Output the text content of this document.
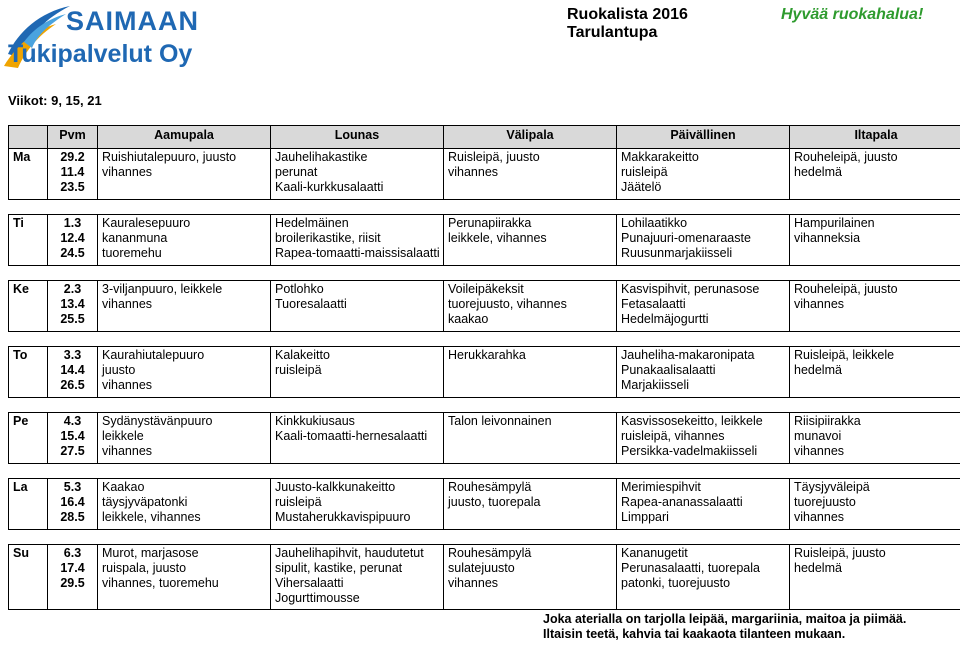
SAIMAAN
Tukipalvelut Oy
Ruokalista 2016
Tarulantupa
Hyvää ruokahalua!
Viikot: 9, 15, 21
	Pvm	Aamupala	Lounas	Välipala	Päivällinen	Iltapala
Ma	29.2
11.4
23.5	Ruishiutalepuuro, juusto
vihannes	Jauhelihakastike
perunat
Kaali-kurkkusalaatti	Ruisleipä, juusto
vihannes	Makkarakeitto
ruisleipä
Jäätelö	Rouheleipä, juusto
hedelmä

Ti	1.3
12.4
24.5	Kauralesepuuro
kananmuna
tuoremehu	Hedelmäinen
broilerikastike, riisit
Rapea-tomaatti-maissisalaatti	Perunapiirakka
leikkele, vihannes	Lohilaatikko
Punajuuri-omenaraaste
Ruusunmarjakiisseli	Hampurilainen
vihanneksia

Ke	2.3
13.4
25.5	3-viljanpuuro, leikkele
vihannes	Potlohko
Tuoresalaatti	Voileipäkeksit
tuorejuusto, vihannes
kaakao	Kasvispihvit, perunasose
Fetasalaatti
Hedelmäjogurtti	Rouheleipä, juusto
vihannes

To	3.3
14.4
26.5	Kaurahiutalepuuro
juusto
vihannes	Kalakeitto
ruisleipä	Herukkarahka	Jauheliha-makaronipata
Punakaalisalaatti
Marjakiisseli	Ruisleipä, leikkele
hedelmä

Pe	4.3
15.4
27.5	Sydänystävänpuuro
leikkele
vihannes	Kinkkukiusaus
Kaali-tomaatti-hernesalaatti	Talon leivonnainen	Kasvissosekeitto, leikkele
ruisleipä, vihannes
Persikka-vadelmakiisseli	Riisipiirakka
munavoi
vihannes

La	5.3
16.4
28.5	Kaakao
täysjyväpatonki
leikkele, vihannes	Juusto-kalkkunakeitto
ruisleipä
Mustaherukkavispipuuro	Rouhesämpylä
juusto, tuorepala	Merimiespihvit
Rapea-ananassalaatti
Limppari	Täysjyväleipä
tuorejuusto
vihannes

Su	6.3
17.4
29.5	Murot, marjasose
ruispala, juusto
vihannes, tuoremehu	Jauhelihapihvit, haudutetut
sipulit, kastike, perunat
Vihersalaatti
Jogurttimousse	Rouhesämpylä
sulatejuusto
vihannes	Kananugetit
Perunasalaatti, tuorepala
patonki, tuorejuusto	Ruisleipä, juusto
hedelmä
Joka aterialla on tarjolla leipää, margariinia, maitoa ja piimää.
Iltaisin teetä, kahvia tai kaakaota tilanteen mukaan.
